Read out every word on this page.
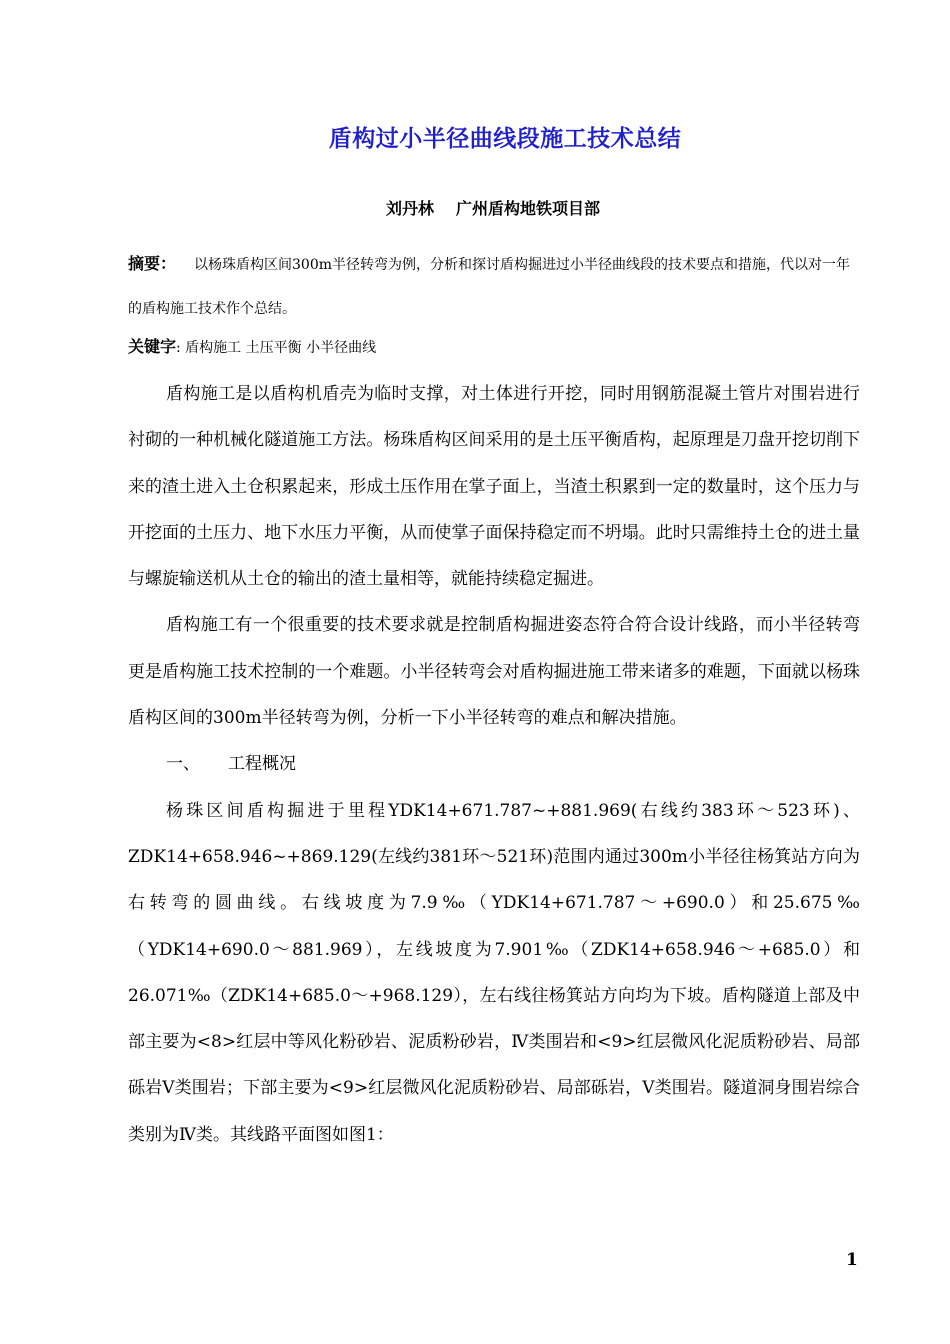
盾构过小半径曲线段施工技术总结
刘丹林 广州盾构地铁项目部
摘要： 以杨珠盾构区间300m半径转弯为例，分析和探讨盾构掘进过小半径曲线段的技术要点和措施，代以对一年的盾构施工技术作个总结。
关键字: 盾构施工 土压平衡 小半径曲线

盾构施工是以盾构机盾壳为临时支撑，对土体进行开挖，同时用钢筋混凝土管片对围岩进行衬砌的一种机械化隧道施工方法。杨珠盾构区间采用的是土压平衡盾构，起原理是刀盘开挖切削下来的渣土进入土仓积累起来，形成土压作用在掌子面上，当渣土积累到一定的数量时，这个压力与开挖面的土压力、地下水压力平衡，从而使掌子面保持稳定而不坍塌。此时只需维持土仓的进土量与螺旋输送机从土仓的输出的渣土量相等，就能持续稳定掘进。

盾构施工有一个很重要的技术要求就是控制盾构掘进姿态符合符合设计线路，而小半径转弯更是盾构施工技术控制的一个难题。小半径转弯会对盾构掘进施工带来诸多的难题，下面就以杨珠盾构区间的300m半径转弯为例，分析一下小半径转弯的难点和解决措施。

一、 工程概况

杨珠区间盾构掘进于里程YDK14+671.787~+881.969(右线约383环～523环)、ZDK14+658.946~+869.129(左线约381环～521环)范围内通过300m小半径往杨箕站方向为右转弯的圆曲线。右线坡度为7.9‰（YDK14+671.787～+690.0）和25.675‰（YDK14+690.0～881.969），左线坡度为7.901‰（ZDK14+658.946～+685.0）和26.071‰（ZDK14+685.0～+968.129），左右线往杨箕站方向均为下坡。盾构隧道上部及中部主要为<8>红层中等风化粉砂岩、泥质粉砂岩，Ⅳ类围岩和<9>红层微风化泥质粉砂岩、局部砾岩Ⅴ类围岩；下部主要为<9>红层微风化泥质粉砂岩、局部砾岩，Ⅴ类围岩。隧道洞身围岩综合类别为Ⅳ类。其线路平面图如图1：

1
